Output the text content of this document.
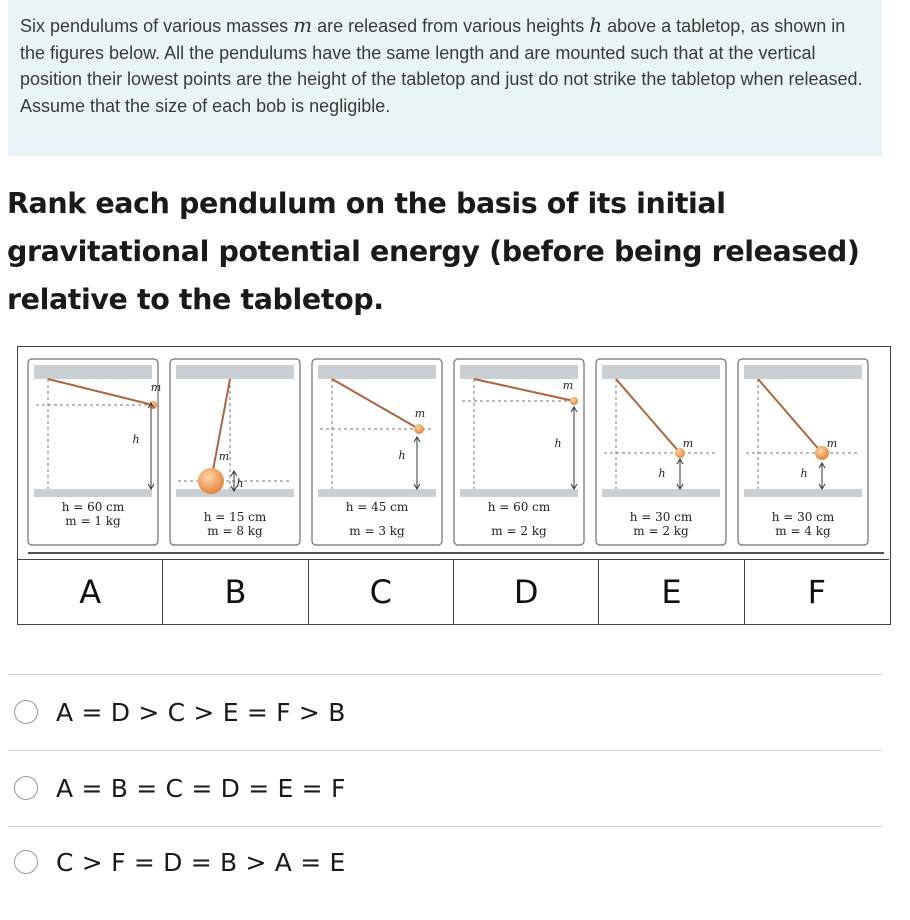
Six pendulums of various masses m are released from various heights h above a tabletop, as shown in the figures below. All the pendulums have the same length and are mounted such that at the vertical position their lowest points are the height of the tabletop and just do not strike the tabletop when released. Assume that the size of each bob is negligible.

Rank each pendulum on the basis of its initial gravitational potential energy (before being released) relative to the tabletop.
m
h
h = 60 cm
m = 1 kg
m
h
h = 15 cm
m = 8 kg
m
h
h = 45 cm
m = 3 kg
m
h
h = 60 cm
m = 2 kg
m
h
h = 30 cm
m = 2 kg
m
h
h = 30 cm
m = 4 kg
A	B	C	D	E	F
A = D > C > E = F > B
A = B = C = D = E = F
C > F = D = B > A = E
